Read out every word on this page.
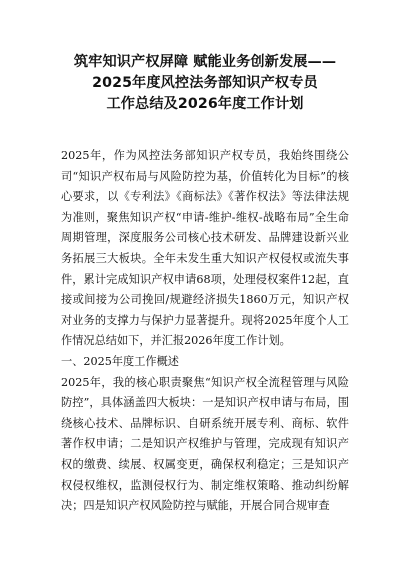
筑牢知识产权屏障 赋能业务创新发展——
2025年度风控法务部知识产权专员
工作总结及2026年度工作计划

2025年，作为风控法务部知识产权专员，我始终围绕公司“知识产权布局与风险防控为基，价值转化为目标”的核心要求，以《专利法》《商标法》《著作权法》等法律法规为准则，聚焦知识产权“申请-维护-维权-战略布局”全生命周期管理，深度服务公司核心技术研发、品牌建设新兴业务拓展三大板块。全年未发生重大知识产权侵权或流失事件，累计完成知识产权申请68项，处理侵权案件12起，直接或间接为公司挽回/规避经济损失1860万元，知识产权对业务的支撑力与保护力显著提升。现将2025年度个人工作情况总结如下，并汇报2026年度工作计划。

一、2025年度工作概述

2025年，我的核心职责聚焦“知识产权全流程管理与风险防控”，具体涵盖四大板块：一是知识产权申请与布局，围绕核心技术、品牌标识、自研系统开展专利、商标、软件著作权申请；二是知识产权维护与管理，完成现有知识产权的缴费、续展、权属变更，确保权利稳定；三是知识产权侵权维权，监测侵权行为、制定维权策略、推动纠纷解决；四是知识产权风险防控与赋能，开展合同合规审查
